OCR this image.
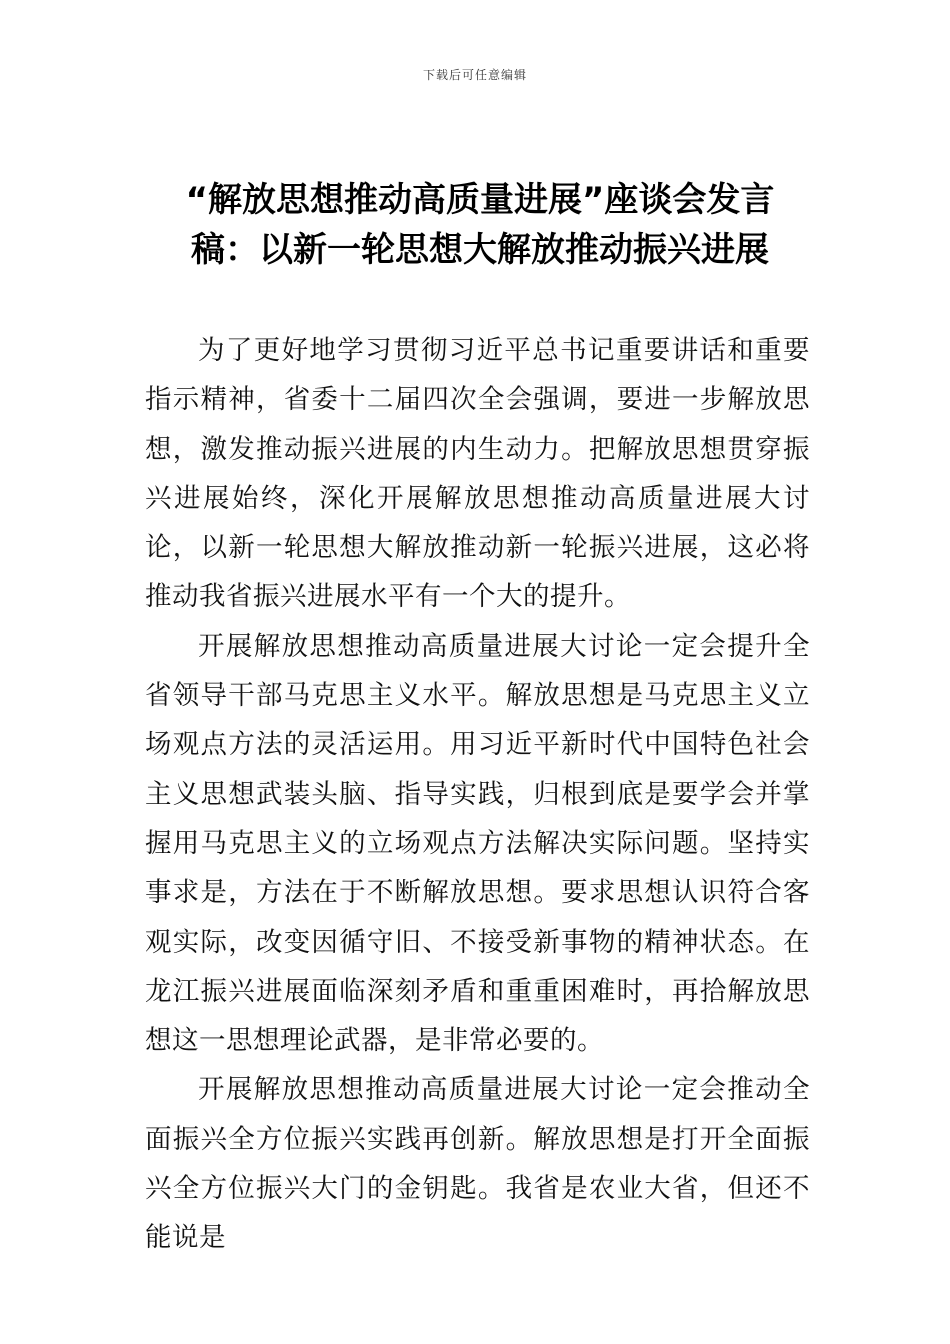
下载后可任意编辑
“解放思想推动高质量进展”座谈会发言
稿：以新一轮思想大解放推动振兴进展

为了更好地学习贯彻习近平总书记重要讲话和重要指示精神，省委十二届四次全会强调，要进一步解放思想，激发推动振兴进展的内生动力。把解放思想贯穿振兴进展始终，深化开展解放思想推动高质量进展大讨论，以新一轮思想大解放推动新一轮振兴进展，这必将推动我省振兴进展水平有一个大的提升。

开展解放思想推动高质量进展大讨论一定会提升全省领导干部马克思主义水平。解放思想是马克思主义立场观点方法的灵活运用。用习近平新时代中国特色社会主义思想武装头脑、指导实践，归根到底是要学会并掌握用马克思主义的立场观点方法解决实际问题。坚持实事求是，方法在于不断解放思想。要求思想认识符合客观实际，改变因循守旧、不接受新事物的精神状态。在龙江振兴进展面临深刻矛盾和重重困难时，再拾解放思想这一思想理论武器，是非常必要的。

开展解放思想推动高质量进展大讨论一定会推动全面振兴全方位振兴实践再创新。解放思想是打开全面振兴全方位振兴大门的金钥匙。我省是农业大省，但还不能说是
